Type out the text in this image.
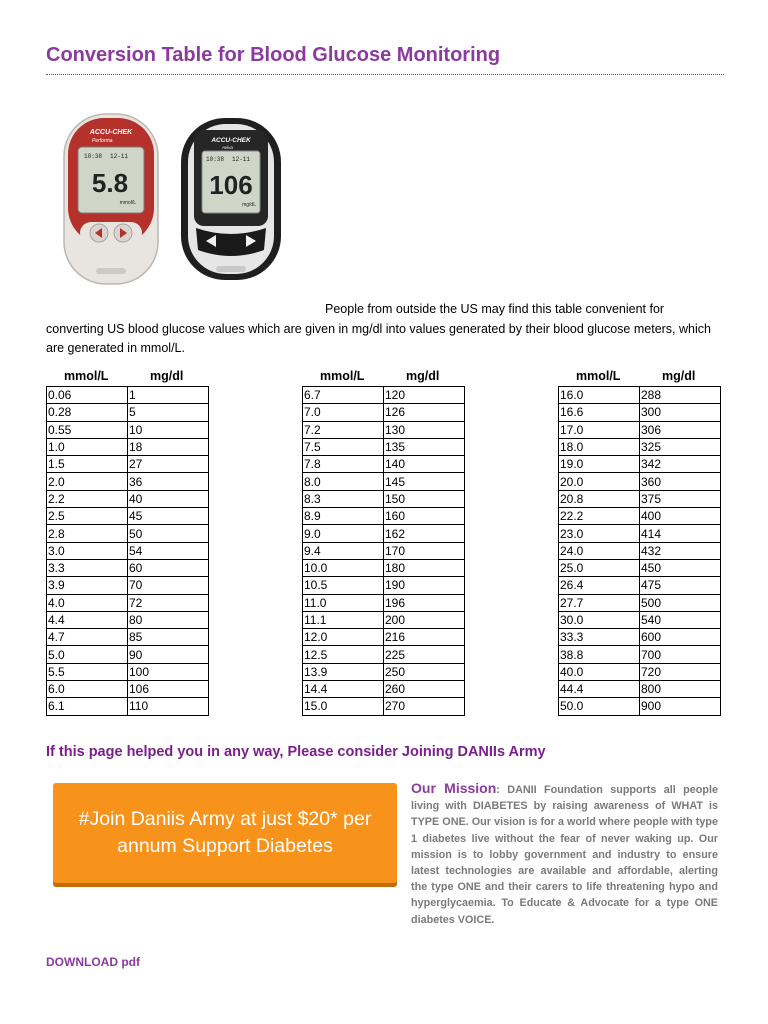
Conversion Table for Blood Glucose Monitoring
ACCU-CHEK
Performa
10:38 12-11
5.8
mmol/L
ACCU-CHEK
Aviva
10:38 12-11
106
mg/dL
People from outside the US may find this table convenient for
converting US blood glucose values which are given in mg/dl into values generated by their blood glucose meters, which are generated in mmol/L.
mmol/L	mg/dl
0.06	1
0.28	5
0.55	10
1.0	18
1.5	27
2.0	36
2.2	40
2.5	45
2.8	50
3.0	54
3.3	60
3.9	70
4.0	72
4.4	80
4.7	85
5.0	90
5.5	100
6.0	106
6.1	110
mmol/L	mg/dl
6.7	120
7.0	126
7.2	130
7.5	135
7.8	140
8.0	145
8.3	150
8.9	160
9.0	162
9.4	170
10.0	180
10.5	190
11.0	196
11.1	200
12.0	216
12.5	225
13.9	250
14.4	260
15.0	270
mmol/L	mg/dl
16.0	288
16.6	300
17.0	306
18.0	325
19.0	342
20.0	360
20.8	375
22.2	400
23.0	414
24.0	432
25.0	450
26.4	475
27.7	500
30.0	540
33.3	600
38.8	700
40.0	720
44.4	800
50.0	900
If this page helped you in any way, Please consider Joining DANIIs Army
#Join Daniis Army at just $20* per annum Support Diabetes
Our Mission: DANII Foundation supports all people living with DIABETES by raising awareness of WHAT is TYPE ONE. Our vision is for a world where people with type 1 diabetes live without the fear of never waking up. Our mission is to lobby government and industry to ensure latest technologies are available and affordable, alerting the type ONE and their carers to life threatening hypo and hyperglycaemia. To Educate & Advocate for a type ONE diabetes VOICE.
DOWNLOAD pdf
